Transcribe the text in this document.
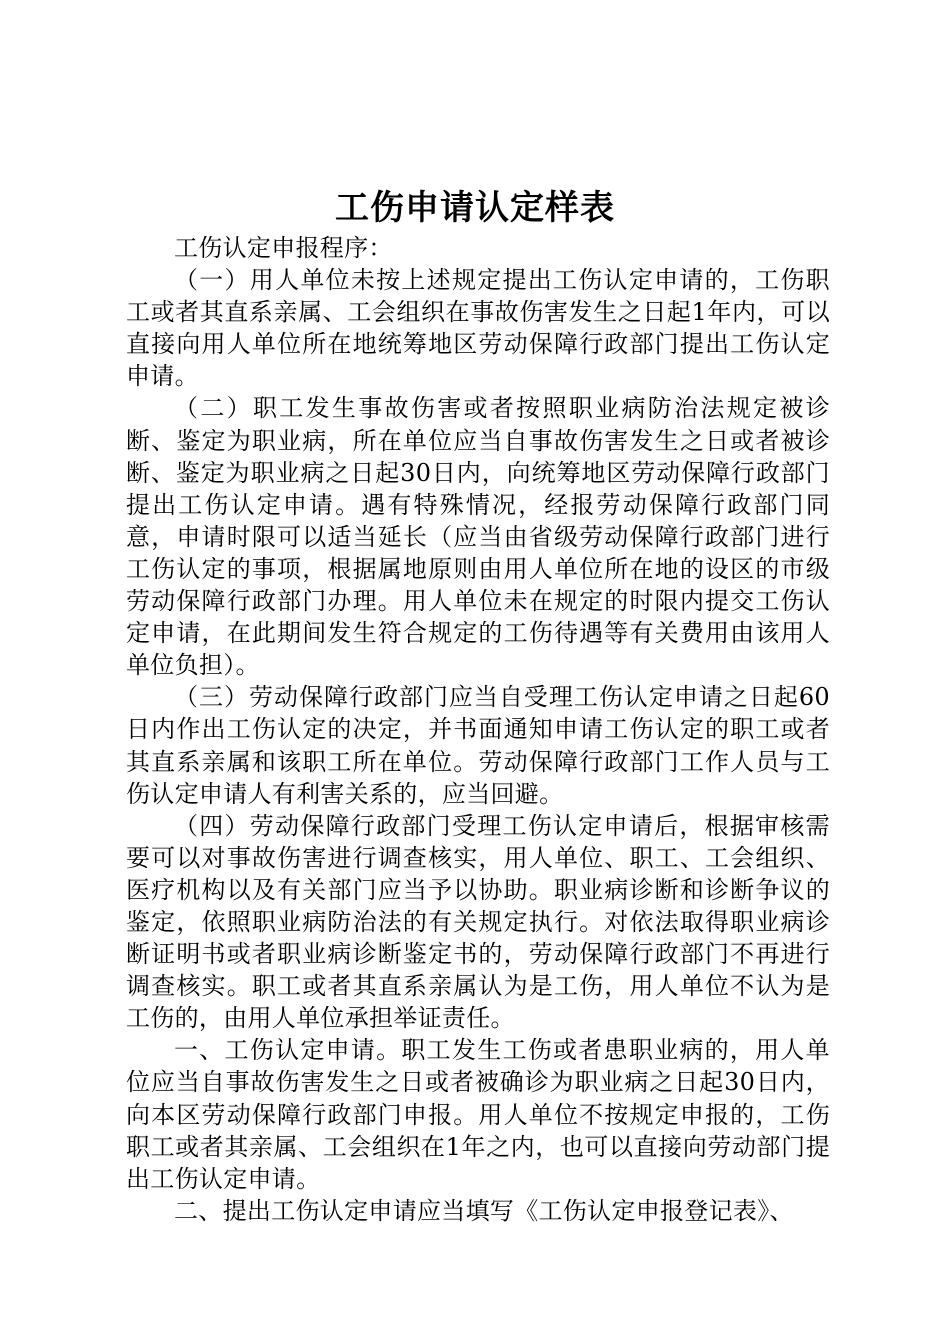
工伤申请认定样表

工伤认定申报程序：

（一）用人单位未按上述规定提出工伤认定申请的，工伤职工或者其直系亲属、工会组织在事故伤害发生之日起1年内，可以直接向用人单位所在地统筹地区劳动保障行政部门提出工伤认定申请。

（二）职工发生事故伤害或者按照职业病防治法规定被诊断、鉴定为职业病，所在单位应当自事故伤害发生之日或者被诊断、鉴定为职业病之日起30日内，向统筹地区劳动保障行政部门提出工伤认定申请。遇有特殊情况，经报劳动保障行政部门同意，申请时限可以适当延长（应当由省级劳动保障行政部门进行工伤认定的事项，根据属地原则由用人单位所在地的设区的市级劳动保障行政部门办理。用人单位未在规定的时限内提交工伤认定申请，在此期间发生符合规定的工伤待遇等有关费用由该用人单位负担）。

（三）劳动保障行政部门应当自受理工伤认定申请之日起60日内作出工伤认定的决定，并书面通知申请工伤认定的职工或者其直系亲属和该职工所在单位。劳动保障行政部门工作人员与工伤认定申请人有利害关系的，应当回避。

（四）劳动保障行政部门受理工伤认定申请后，根据审核需要可以对事故伤害进行调查核实，用人单位、职工、工会组织、医疗机构以及有关部门应当予以协助。职业病诊断和诊断争议的鉴定，依照职业病防治法的有关规定执行。对依法取得职业病诊断证明书或者职业病诊断鉴定书的，劳动保障行政部门不再进行调查核实。职工或者其直系亲属认为是工伤，用人单位不认为是工伤的，由用人单位承担举证责任。

一、工伤认定申请。职工发生工伤或者患职业病的，用人单位应当自事故伤害发生之日或者被确诊为职业病之日起30日内，向本区劳动保障行政部门申报。用人单位不按规定申报的，工伤职工或者其亲属、工会组织在1年之内，也可以直接向劳动部门提出工伤认定申请。

二、提出工伤认定申请应当填写《工伤认定申报登记表》、
